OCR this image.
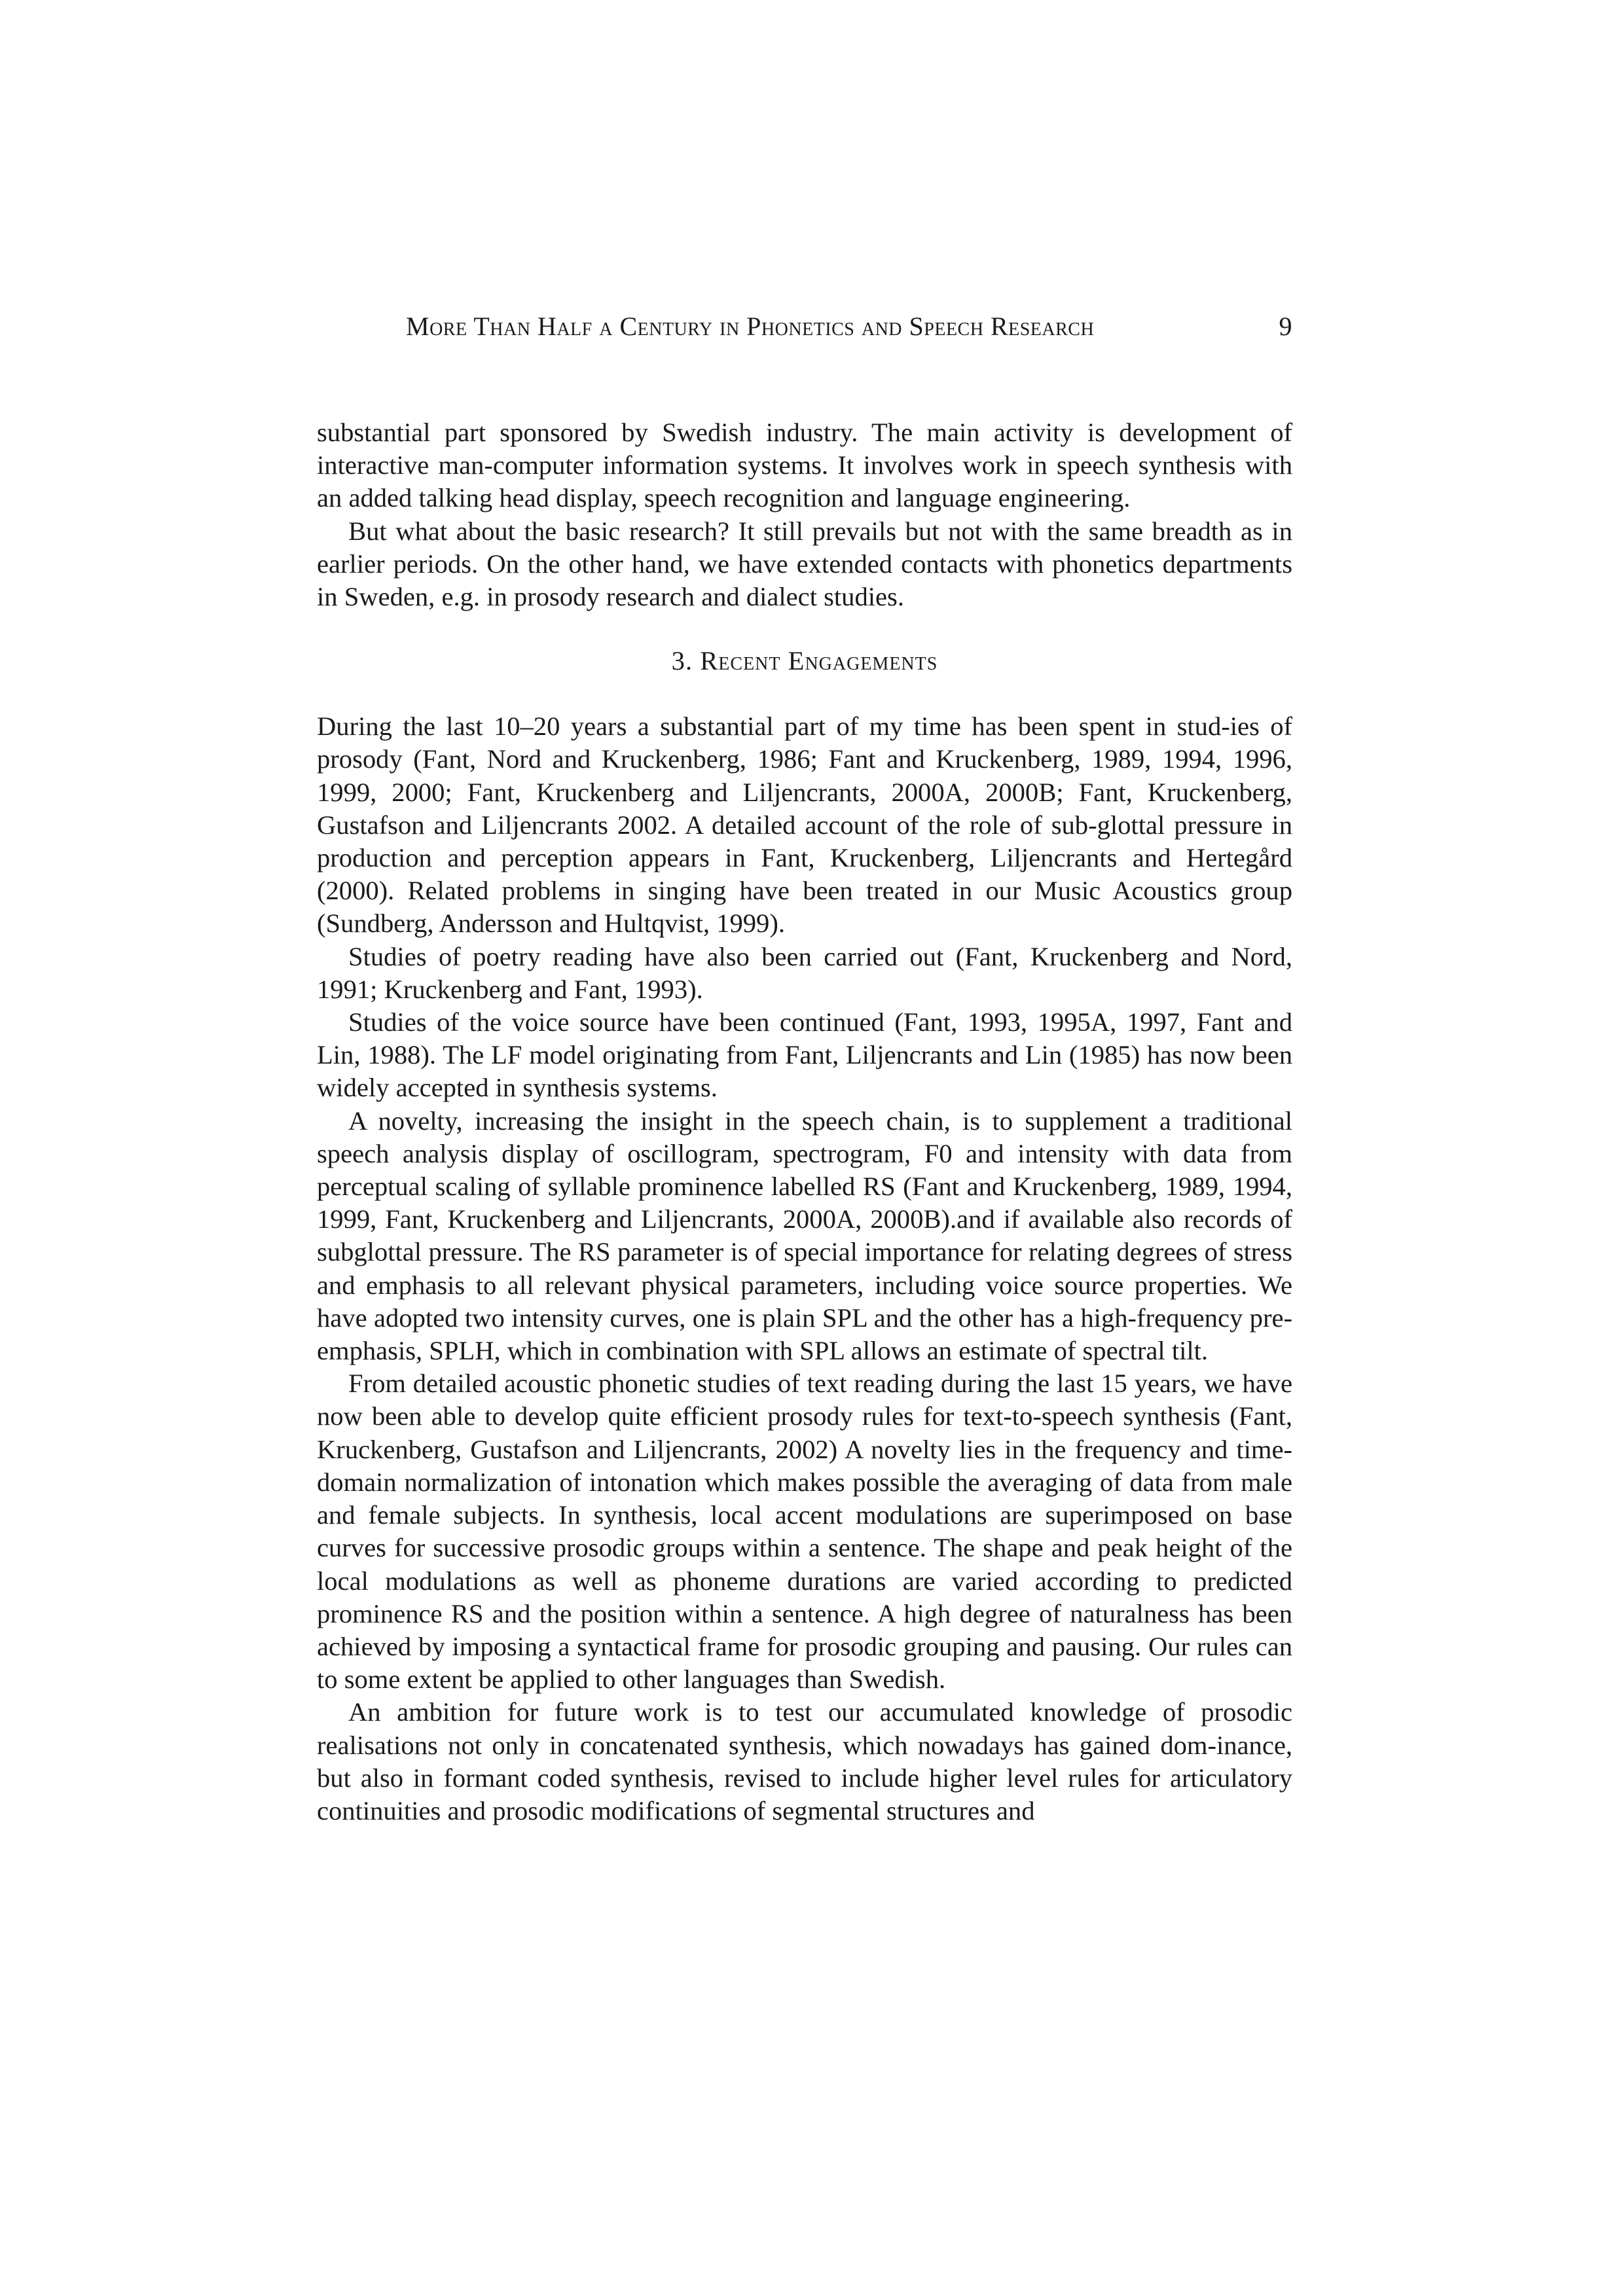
More Than Half a Century in Phonetics and Speech Research	9

substantial part sponsored by Swedish industry. The main activity is development of interactive man-computer information systems. It involves work in speech synthesis with an added talking head display, speech recognition and language engineering.

But what about the basic research? It still prevails but not with the same breadth as in earlier periods. On the other hand, we have extended contacts with phonetics departments in Sweden, e.g. in prosody research and dialect studies.

3. Recent Engagements

During the last 10–20 years a substantial part of my time has been spent in stud-ies of prosody (Fant, Nord and Kruckenberg, 1986; Fant and Kruckenberg, 1989, 1994, 1996, 1999, 2000; Fant, Kruckenberg and Liljencrants, 2000A, 2000B; Fant, Kruckenberg, Gustafson and Liljencrants 2002. A detailed account of the role of sub-glottal pressure in production and perception appears in Fant, Kruckenberg, Liljencrants and Hertegård (2000). Related problems in singing have been treated in our Music Acoustics group (Sundberg, Andersson and Hultqvist, 1999).

Studies of poetry reading have also been carried out (Fant, Kruckenberg and Nord, 1991; Kruckenberg and Fant, 1993).

Studies of the voice source have been continued (Fant, 1993, 1995A, 1997, Fant and Lin, 1988). The LF model originating from Fant, Liljencrants and Lin (1985) has now been widely accepted in synthesis systems.

A novelty, increasing the insight in the speech chain, is to supplement a traditional speech analysis display of oscillogram, spectrogram, F0 and intensity with data from perceptual scaling of syllable prominence labelled RS (Fant and Kruckenberg, 1989, 1994, 1999, Fant, Kruckenberg and Liljencrants, 2000A, 2000B).and if available also records of subglottal pressure. The RS parameter is of special importance for relating degrees of stress and emphasis to all relevant physical parameters, including voice source properties. We have adopted two intensity curves, one is plain SPL and the other has a high-frequency pre-emphasis, SPLH, which in combination with SPL allows an estimate of spectral tilt.

From detailed acoustic phonetic studies of text reading during the last 15 years, we have now been able to develop quite efficient prosody rules for text-to-speech synthesis (Fant, Kruckenberg, Gustafson and Liljencrants, 2002) A novelty lies in the frequency and time-domain normalization of intonation which makes possible the averaging of data from male and female subjects. In synthesis, local accent modulations are superimposed on base curves for successive prosodic groups within a sentence. The shape and peak height of the local modulations as well as phoneme durations are varied according to predicted prominence RS and the position within a sentence. A high degree of naturalness has been achieved by imposing a syntactical frame for prosodic grouping and pausing. Our rules can to some extent be applied to other languages than Swedish.

An ambition for future work is to test our accumulated knowledge of prosodic realisations not only in concatenated synthesis, which nowadays has gained dom-inance, but also in formant coded synthesis, revised to include higher level rules for articulatory continuities and prosodic modifications of segmental structures and
